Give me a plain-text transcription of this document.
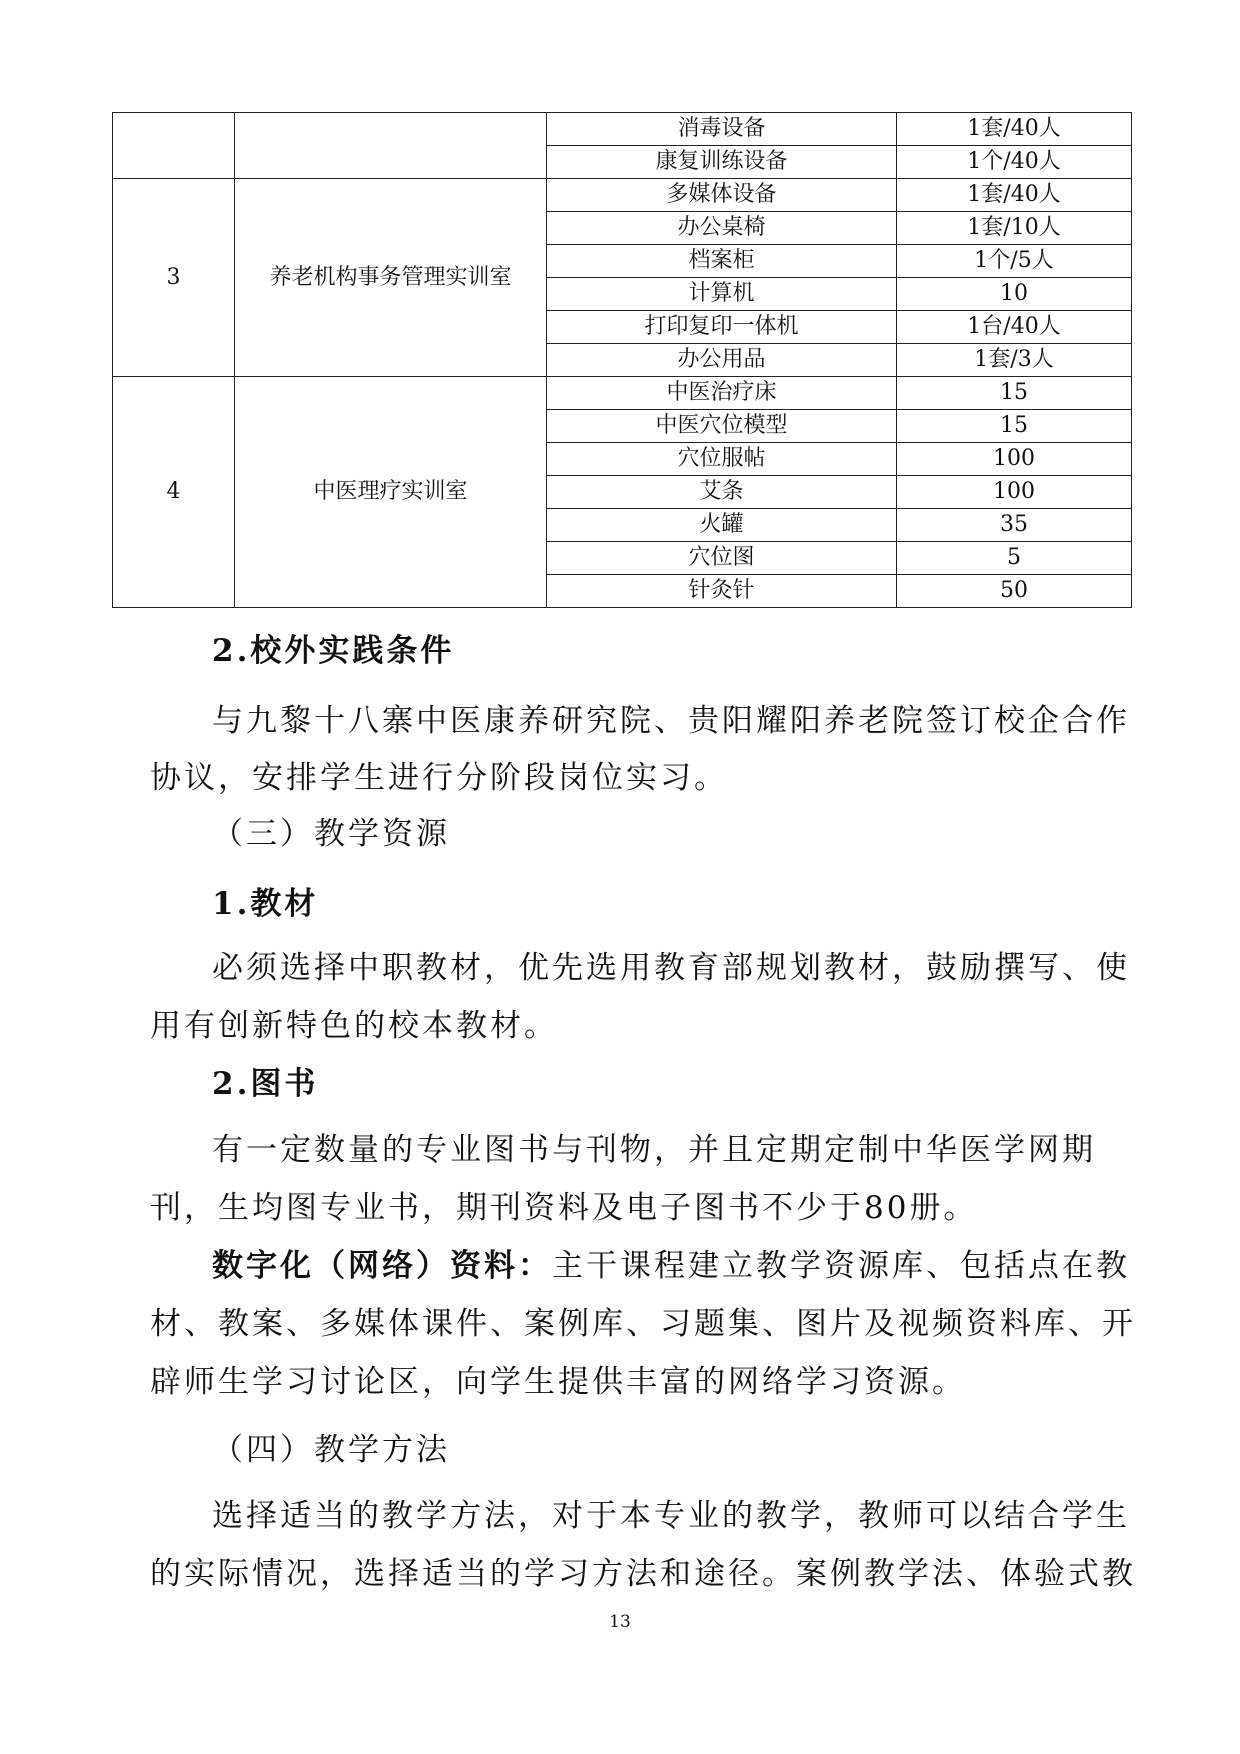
		消毒设备	1套/40人
		康复训练设备	1个/40人
3	养老机构事务管理实训室	多媒体设备	1套/40人
		办公桌椅	1套/10人
		档案柜	1个/5人
		计算机	10
		打印复印一体机	1台/40人
		办公用品	1套/3人
4	中医理疗实训室	中医治疗床	15
		中医穴位模型	15
		穴位服帖	100
		艾条	100
		火罐	35
		穴位图	5
		针灸针	50
2.校外实践条件
与九黎十八寨中医康养研究院、贵阳耀阳养老院签订校企合作
协议，安排学生进行分阶段岗位实习。
（三）教学资源
1.教材
必须选择中职教材，优先选用教育部规划教材，鼓励撰写、使
用有创新特色的校本教材。
2.图书
有一定数量的专业图书与刊物，并且定期定制中华医学网期
刊，生均图专业书，期刊资料及电子图书不少于80册。
数字化（网络）资料：主干课程建立教学资源库、包括点在教
材、教案、多媒体课件、案例库、习题集、图片及视频资料库、开
辟师生学习讨论区，向学生提供丰富的网络学习资源。
（四）教学方法
选择适当的教学方法，对于本专业的教学，教师可以结合学生
的实际情况，选择适当的学习方法和途径。案例教学法、体验式教
13
